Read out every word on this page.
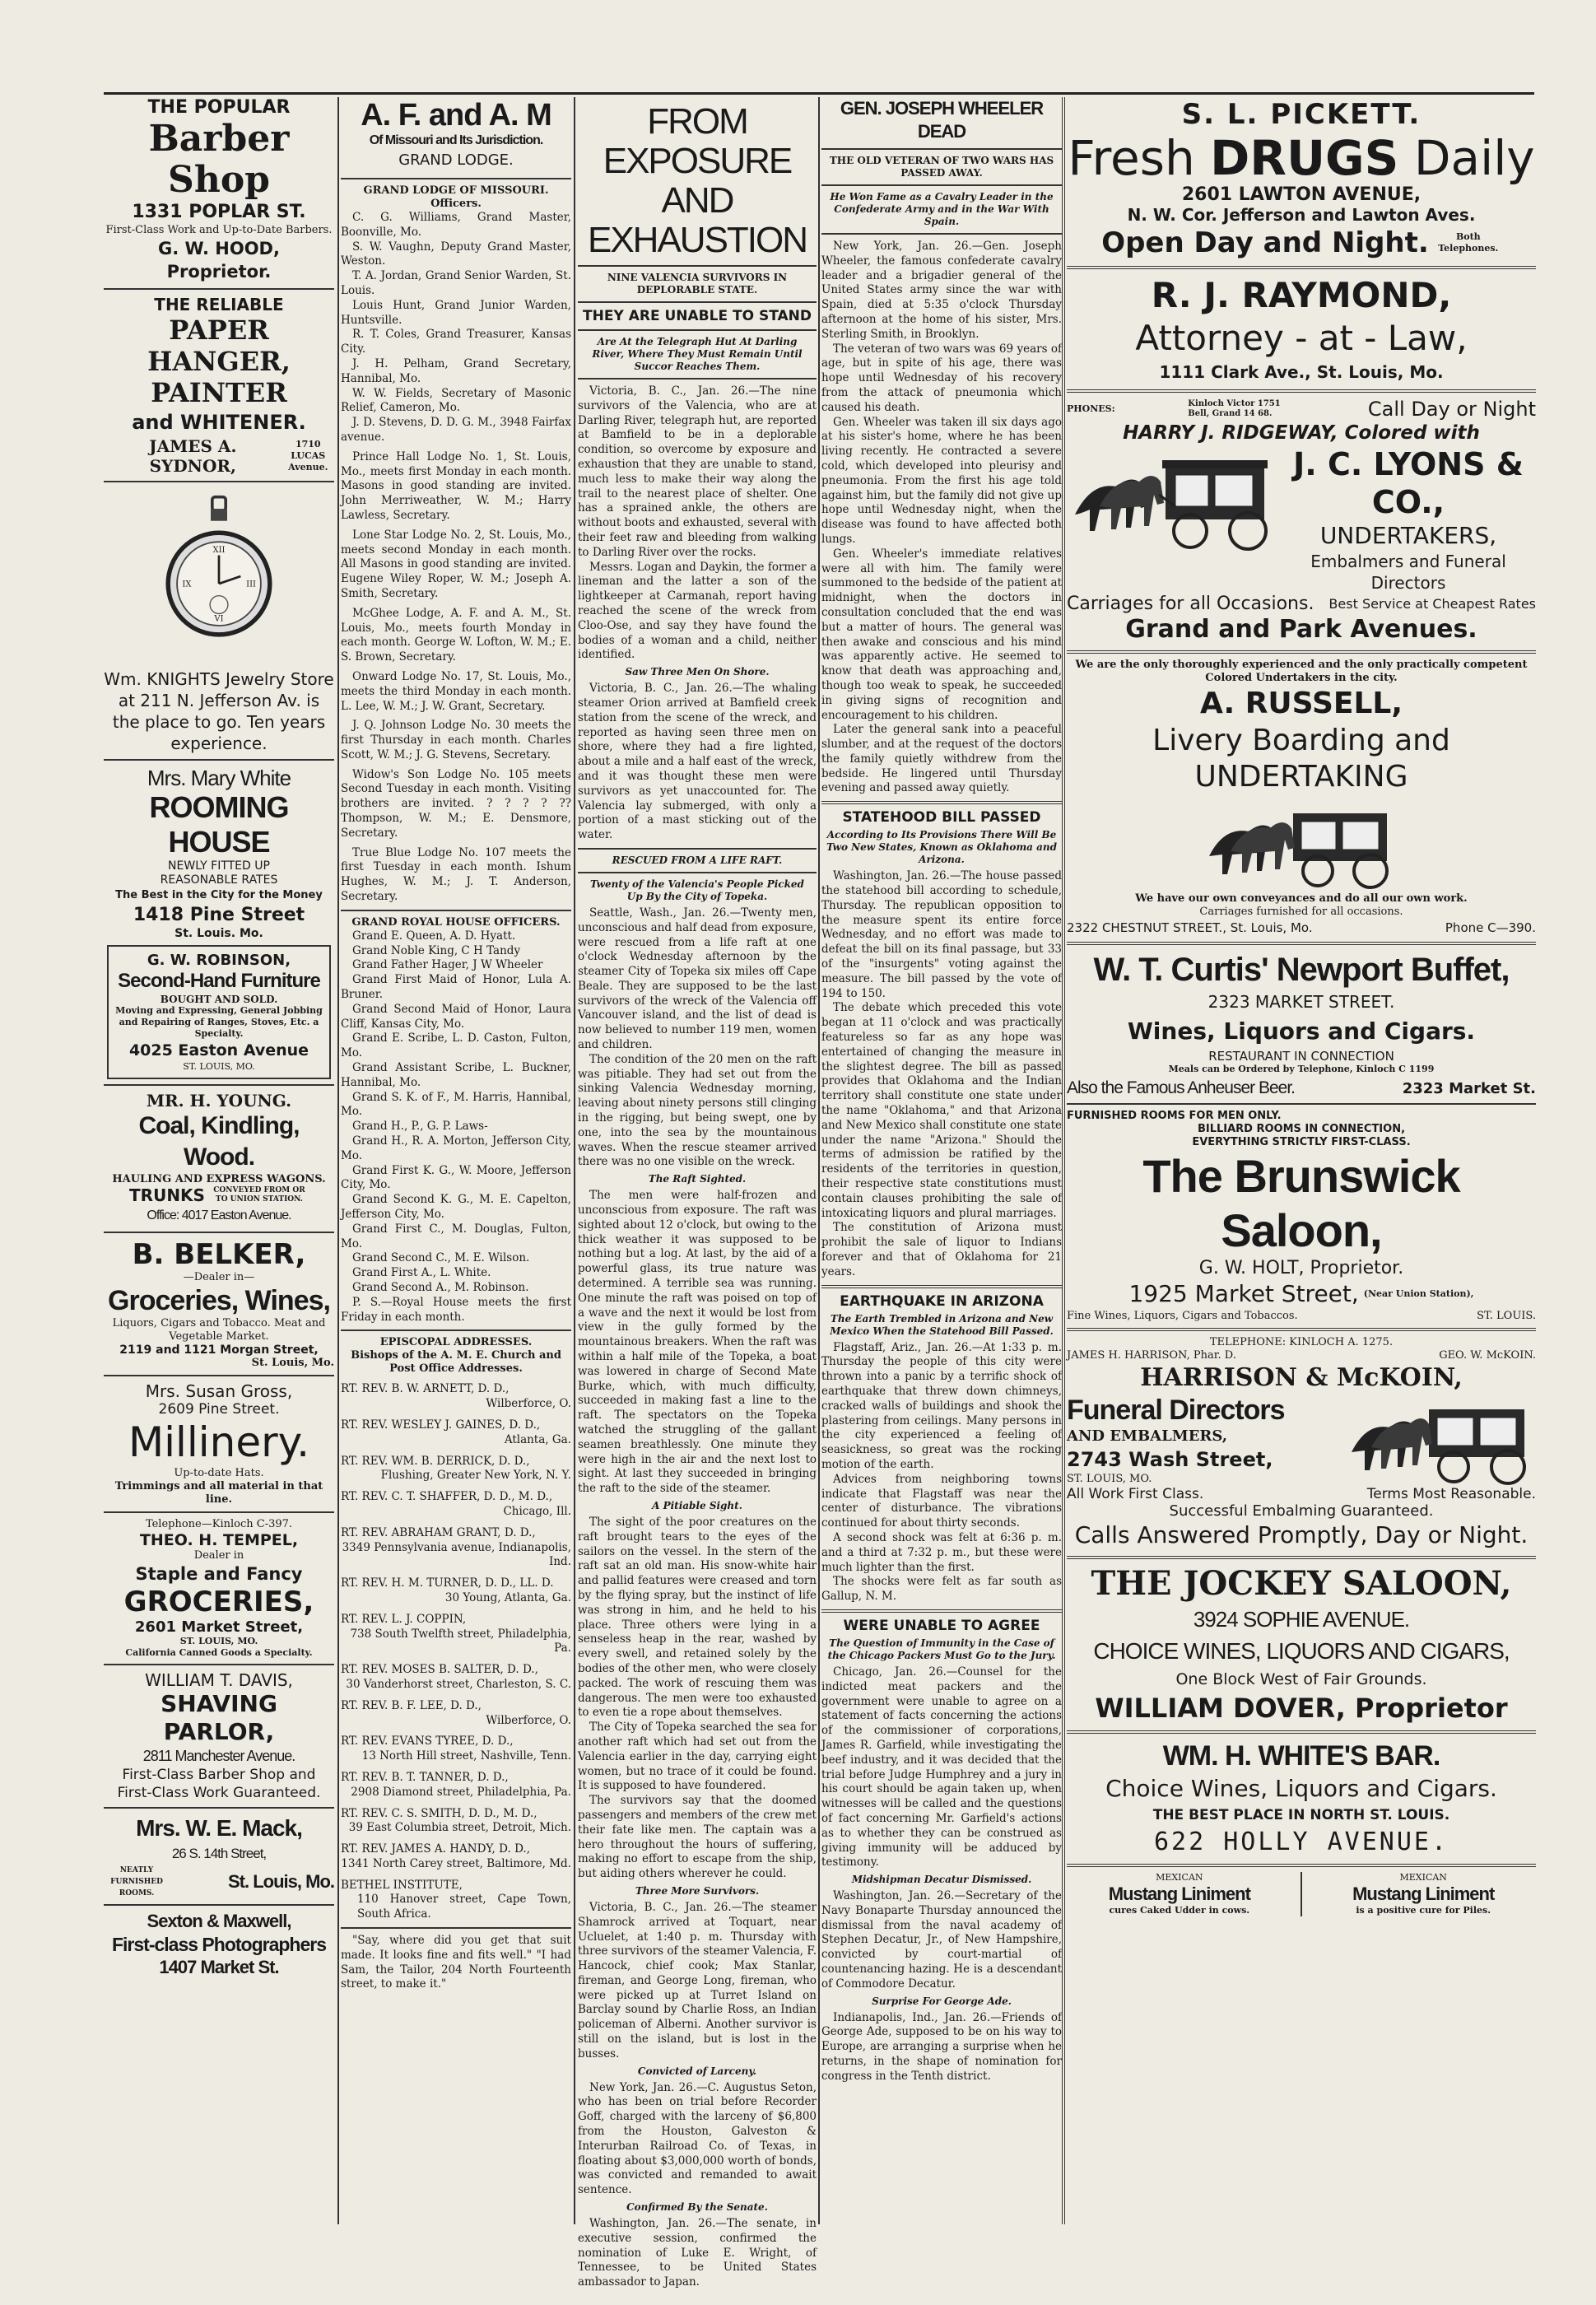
THE POPULAR
Barber Shop
1331 POPLAR ST.
First-Class Work and Up-to-Date Barbers.
G. W. HOOD, Proprietor.
THE RELIABLE
PAPER HANGER,
PAINTER
and WHITENER.
JAMES A. SYDNOR,
1710 LUCAS Avenue.
XII
III
VI
IX
Wm. KNIGHTS Jewelry Store at 211 N. Jefferson Av. is the place to go. Ten years experience.
Mrs. Mary White
ROOMING HOUSE
NEWLY FITTED UP
REASONABLE RATES
The Best in the City for the Money
1418 Pine Street
St. Louis. Mo.
G. W. ROBINSON,
Second-Hand Furniture
BOUGHT AND SOLD.
Moving and Expressing, General Jobbing and Repairing of Ranges, Stoves, Etc. a Specialty.
4025 Easton Avenue
ST. LOUIS, MO.
MR. H. YOUNG.
Coal, Kindling, Wood.
HAULING AND EXPRESS WAGONS.
TRUNKS	CONVEYED FROM OR TO UNION STATION.
Office: 4017 Easton Avenue.
B. BELKER,
—Dealer in—
Groceries, Wines,
Liquors, Cigars and Tobacco. Meat and Vegetable Market.
2119 and 1121 Morgan Street,
St. Louis, Mo.
Mrs. Susan Gross,
2609 Pine Street.
Millinery.
Up-to-date Hats.
Trimmings and all material in that line.
Telephone—Kinloch C-397.
THEO. H. TEMPEL,
Dealer in
Staple and Fancy
GROCERIES,
2601 Market Street,
ST. LOUIS, MO.
California Canned Goods a Specialty.
WILLIAM T. DAVIS,
SHAVING PARLOR,
2811 Manchester Avenue.
First-Class Barber Shop and
First-Class Work Guaranteed.
Mrs. W. E. Mack,
26 S. 14th Street,
NEATLY FURNISHED ROOMS.
St. Louis, Mo.
Sexton & Maxwell,
First-class Photographers
1407 Market St.
A. F. and A. M
Of Missouri and Its Jurisdiction.
GRAND LODGE.
GRAND LODGE OF MISSOURI.
Officers.
C. G. Williams, Grand Master, Boonville, Mo.
S. W. Vaughn, Deputy Grand Master, Weston.
T. A. Jordan, Grand Senior Warden, St. Louis.
Louis Hunt, Grand Junior Warden, Huntsville.
R. T. Coles, Grand Treasurer, Kansas City.
J. H. Pelham, Grand Secretary, Hannibal, Mo.
W. W. Fields, Secretary of Masonic Relief, Cameron, Mo.
J. D. Stevens, D. D. G. M., 3948 Fairfax avenue.
Prince Hall Lodge No. 1, St. Louis, Mo., meets first Monday in each month. Masons in good standing are invited. John Merriweather, W. M.; Harry Lawless, Secretary.
Lone Star Lodge No. 2, St. Louis, Mo., meets second Monday in each month. All Masons in good standing are invited. Eugene Wiley Roper, W. M.; Joseph A. Smith, Secretary.
McGhee Lodge, A. F. and A. M., St. Louis, Mo., meets fourth Monday in each month. George W. Lofton, W. M.; E. S. Brown, Secretary.
Onward Lodge No. 17, St. Louis, Mo., meets the third Monday in each month. L. Lee, W. M.; J. W. Grant, Secretary.
J. Q. Johnson Lodge No. 30 meets the first Thursday in each month. Charles Scott, W. M.; J. G. Stevens, Secretary.
Widow's Son Lodge No. 105 meets Second Tuesday in each month. Visiting brothers are invited. ? ? ? ? ?? Thompson, W. M.; E. Densmore, Secretary.
True Blue Lodge No. 107 meets the first Tuesday in each month. Ishum Hughes, W. M.; J. T. Anderson, Secretary.
GRAND ROYAL HOUSE OFFICERS.
Grand E. Queen, A. D. Hyatt.
Grand Noble King, C H Tandy
Grand Father Hager, J W Wheeler
Grand First Maid of Honor, Lula A. Bruner.
Grand Second Maid of Honor, Laura Cliff, Kansas City, Mo.
Grand E. Scribe, L. D. Caston, Fulton, Mo.
Grand Assistant Scribe, L. Buckner, Hannibal, Mo.
Grand S. K. of F., M. Harris, Hannibal, Mo.
Grand H., P., G. P. Laws-
Grand H., R. A. Morton, Jefferson City, Mo.
Grand First K. G., W. Moore, Jefferson City, Mo.
Grand Second K. G., M. E. Capelton, Jefferson City, Mo.
Grand First C., M. Douglas, Fulton, Mo.
Grand Second C., M. E. Wilson.
Grand First A., L. White.
Grand Second A., M. Robinson.
P. S.—Royal House meets the first Friday in each month.
EPISCOPAL ADDRESSES.
Bishops of the A. M. E. Church and Post Office Addresses.
RT. REV. B. W. ARNETT, D. D.,
Wilberforce, O.
RT. REV. WESLEY J. GAINES, D. D.,
Atlanta, Ga.
RT. REV. WM. B. DERRICK, D. D.,
Flushing, Greater New York, N. Y.
RT. REV. C. T. SHAFFER, D. D., M. D.,
Chicago, Ill.
RT. REV. ABRAHAM GRANT, D. D.,
3349 Pennsylvania avenue, Indianapolis, Ind.
RT. REV. H. M. TURNER, D. D., LL. D.
30 Young, Atlanta, Ga.
RT. REV. L. J. COPPIN,
738 South Twelfth street, Philadelphia, Pa.
RT. REV. MOSES B. SALTER, D. D.,
30 Vanderhorst street, Charleston, S. C.
RT. REV. B. F. LEE, D. D.,
Wilberforce, O.
RT. REV. EVANS TYREE, D. D.,
13 North Hill street, Nashville, Tenn.
RT. REV. B. T. TANNER, D. D.,
2908 Diamond street, Philadelphia, Pa.
RT. REV. C. S. SMITH, D. D., M. D.,
39 East Columbia street, Detroit, Mich.
RT. REV. JAMES A. HANDY, D. D.,
1341 North Carey street, Baltimore, Md.
BETHEL INSTITUTE,
110 Hanover street, Cape Town, South Africa.

"Say, where did you get that suit made. It looks fine and fits well." "I had Sam, the Tailor, 204 North Fourteenth street, to make it."

FROM EXPOSURE AND EXHAUSTION
NINE VALENCIA SURVIVORS IN DEPLORABLE STATE.
THEY ARE UNABLE TO STAND
Are At the Telegraph Hut At Darling River, Where They Must Remain Until Succor Reaches Them.

Victoria, B. C., Jan. 26.—The nine survivors of the Valencia, who are at Darling River, telegraph hut, are reported at Bamfield to be in a deplorable condition, so overcome by exposure and exhaustion that they are unable to stand, much less to make their way along the trail to the nearest place of shelter. One has a sprained ankle, the others are without boots and exhausted, several with their feet raw and bleeding from walking to Darling River over the rocks.

Messrs. Logan and Daykin, the former a lineman and the latter a son of the lightkeeper at Carmanah, report having reached the scene of the wreck from Cloo-Ose, and say they have found the bodies of a woman and a child, neither identified.

Saw Three Men On Shore.

Victoria, B. C., Jan. 26.—The whaling steamer Orion arrived at Bamfield creek station from the scene of the wreck, and reported as having seen three men on shore, where they had a fire lighted, about a mile and a half east of the wreck, and it was thought these men were survivors as yet unaccounted for. The Valencia lay submerged, with only a portion of a mast sticking out of the water.

RESCUED FROM A LIFE RAFT.
Twenty of the Valencia's People Picked Up By the City of Topeka.

Seattle, Wash., Jan. 26.—Twenty men, unconscious and half dead from exposure, were rescued from a life raft at one o'clock Wednesday afternoon by the steamer City of Topeka six miles off Cape Beale. They are supposed to be the last survivors of the wreck of the Valencia off Vancouver island, and the list of dead is now believed to number 119 men, women and children.

The condition of the 20 men on the raft was pitiable. They had set out from the sinking Valencia Wednesday morning, leaving about ninety persons still clinging in the rigging, but being swept, one by one, into the sea by the mountainous waves. When the rescue steamer arrived there was no one visible on the wreck.

The Raft Sighted.

The men were half-frozen and unconscious from exposure. The raft was sighted about 12 o'clock, but owing to the thick weather it was supposed to be nothing but a log. At last, by the aid of a powerful glass, its true nature was determined. A terrible sea was running. One minute the raft was poised on top of a wave and the next it would be lost from view in the gully formed by the mountainous breakers. When the raft was within a half mile of the Topeka, a boat was lowered in charge of Second Mate Burke, which, with much difficulty, succeeded in making fast a line to the raft. The spectators on the Topeka watched the struggling of the gallant seamen breathlessly. One minute they were high in the air and the next lost to sight. At last they succeeded in bringing the raft to the side of the steamer.

A Pitiable Sight.

The sight of the poor creatures on the raft brought tears to the eyes of the sailors on the vessel. In the stern of the raft sat an old man. His snow-white hair and pallid features were creased and torn by the flying spray, but the instinct of life was strong in him, and he held to his place. Three others were lying in a senseless heap in the rear, washed by every swell, and retained solely by the bodies of the other men, who were closely packed. The work of rescuing them was dangerous. The men were too exhausted to even tie a rope about themselves.

The City of Topeka searched the sea for another raft which had set out from the Valencia earlier in the day, carrying eight women, but no trace of it could be found. It is supposed to have foundered.

The survivors say that the doomed passengers and members of the crew met their fate like men. The captain was a hero throughout the hours of suffering, making no effort to escape from the ship, but aiding others wherever he could.

Three More Survivors.

Victoria, B. C., Jan. 26.—The steamer Shamrock arrived at Toquart, near Ucluelet, at 1:40 p. m. Thursday with three survivors of the steamer Valencia, F. Hancock, chief cook; Max Stanlar, fireman, and George Long, fireman, who were picked up at Turret Island on Barclay sound by Charlie Ross, an Indian policeman of Alberni. Another survivor is still on the island, but is lost in the busses.

Convicted of Larceny.

New York, Jan. 26.—C. Augustus Seton, who has been on trial before Recorder Goff, charged with the larceny of $6,800 from the Houston, Galveston & Interurban Railroad Co. of Texas, in floating about $3,000,000 worth of bonds, was convicted and remanded to await sentence.

Confirmed By the Senate.

Washington, Jan. 26.—The senate, in executive session, confirmed the nomination of Luke E. Wright, of Tennessee, to be United States ambassador to Japan.

GEN. JOSEPH WHEELER DEAD
THE OLD VETERAN OF TWO WARS HAS PASSED AWAY.
He Won Fame as a Cavalry Leader in the Confederate Army and in the War With Spain.

New York, Jan. 26.—Gen. Joseph Wheeler, the famous confederate cavalry leader and a brigadier general of the United States army since the war with Spain, died at 5:35 o'clock Thursday afternoon at the home of his sister, Mrs. Sterling Smith, in Brooklyn.

The veteran of two wars was 69 years of age, but in spite of his age, there was hope until Wednesday of his recovery from the attack of pneumonia which caused his death.

Gen. Wheeler was taken ill six days ago at his sister's home, where he has been living recently. He contracted a severe cold, which developed into pleurisy and pneumonia. From the first his age told against him, but the family did not give up hope until Wednesday night, when the disease was found to have affected both lungs.

Gen. Wheeler's immediate relatives were all with him. The family were summoned to the bedside of the patient at midnight, when the doctors in consultation concluded that the end was but a matter of hours. The general was then awake and conscious and his mind was apparently active. He seemed to know that death was approaching and, though too weak to speak, he succeeded in giving signs of recognition and encouragement to his children.

Later the general sank into a peaceful slumber, and at the request of the doctors the family quietly withdrew from the bedside. He lingered until Thursday evening and passed away quietly.

STATEHOOD BILL PASSED
According to Its Provisions There Will Be Two New States, Known as Oklahoma and Arizona.

Washington, Jan. 26.—The house passed the statehood bill according to schedule, Thursday. The republican opposition to the measure spent its entire force Wednesday, and no effort was made to defeat the bill on its final passage, but 33 of the "insurgents" voting against the measure. The bill passed by the vote of 194 to 150.

The debate which preceded this vote began at 11 o'clock and was practically featureless so far as any hope was entertained of changing the measure in the slightest degree. The bill as passed provides that Oklahoma and the Indian territory shall constitute one state under the name "Oklahoma," and that Arizona and New Mexico shall constitute one state under the name "Arizona." Should the terms of admission be ratified by the residents of the territories in question, their respective state constitutions must contain clauses prohibiting the sale of intoxicating liquors and plural marriages.

The constitution of Arizona must prohibit the sale of liquor to Indians forever and that of Oklahoma for 21 years.

EARTHQUAKE IN ARIZONA
The Earth Trembled in Arizona and New Mexico When the Statehood Bill Passed.

Flagstaff, Ariz., Jan. 26.—At 1:33 p. m. Thursday the people of this city were thrown into a panic by a terrific shock of earthquake that threw down chimneys, cracked walls of buildings and shook the plastering from ceilings. Many persons in the city experienced a feeling of seasickness, so great was the rocking motion of the earth.

Advices from neighboring towns indicate that Flagstaff was near the center of disturbance. The vibrations continued for about thirty seconds.

A second shock was felt at 6:36 p. m. and a third at 7:32 p. m., but these were much lighter than the first.

The shocks were felt as far south as Gallup, N. M.

WERE UNABLE TO AGREE
The Question of Immunity in the Case of the Chicago Packers Must Go to the Jury.

Chicago, Jan. 26.—Counsel for the indicted meat packers and the government were unable to agree on a statement of facts concerning the actions of the commissioner of corporations, James R. Garfield, while investigating the beef industry, and it was decided that the trial before Judge Humphrey and a jury in his court should be again taken up, when witnesses will be called and the questions of fact concerning Mr. Garfield's actions as to whether they can be construed as giving immunity will be adduced by testimony.

Midshipman Decatur Dismissed.

Washington, Jan. 26.—Secretary of the Navy Bonaparte Thursday announced the dismissal from the naval academy of Stephen Decatur, Jr., of New Hampshire, convicted by court-martial of countenancing hazing. He is a descendant of Commodore Decatur.

Surprise For George Ade.

Indianapolis, Ind., Jan. 26.—Friends of George Ade, supposed to be on his way to Europe, are arranging a surprise when he returns, in the shape of nomination for congress in the Tenth district.

S. L. PICKETT.
Fresh DRUGS Daily
2601 LAWTON AVENUE,
N. W. Cor. Jefferson and Lawton Aves.
Open Day and Night.	Both Telephones.
R. J. RAYMOND,
Attorney - at - Law,
1111 Clark Ave., St. Louis, Mo.
PHONES:	Kinloch Victor 1751 Bell, Grand 14 68.	Call Day or Night
HARRY J. RIDGEWAY, Colored with
J. C. LYONS & CO.,
UNDERTAKERS,
Embalmers and Funeral Directors
Carriages for all Occasions. Best Service at Cheapest Rates
Grand and Park Avenues.
We are the only thoroughly experienced and the only practically competent Colored Undertakers in the city.
A. RUSSELL,
Livery Boarding and UNDERTAKING
We have our own conveyances and do all our own work.
Carriages furnished for all occasions.
2322 CHESTNUT STREET., St. Louis, Mo.	Phone C—390.
W. T. Curtis' Newport Buffet,
2323 MARKET STREET.
Wines, Liquors and Cigars.
RESTAURANT IN CONNECTION
Meals can be Ordered by Telephone, Kinloch C 1199
Also the Famous Anheuser Beer.	2323 Market St.
FURNISHED ROOMS FOR MEN ONLY.
BILLIARD ROOMS IN CONNECTION,
EVERYTHING STRICTLY FIRST-CLASS.
The Brunswick Saloon,
G. W. HOLT, Proprietor.
1925 Market Street, (Near Union Station),
Fine Wines, Liquors, Cigars and Tobaccos.	ST. LOUIS.
TELEPHONE: KINLOCH A. 1275.
JAMES H. HARRISON, Phar. D.	GEO. W. McKOIN.
HARRISON & McKOIN,
Funeral Directors
AND EMBALMERS,
2743 Wash Street,
ST. LOUIS, MO.
All Work First Class.	Terms Most Reasonable.
Successful Embalming Guaranteed.
Calls Answered Promptly, Day or Night.
THE JOCKEY SALOON,
3924 SOPHIE AVENUE.
CHOICE WINES, LIQUORS AND CIGARS,
One Block West of Fair Grounds.
WILLIAM DOVER, Proprietor
WM. H. WHITE'S BAR.
Choice Wines, Liquors and Cigars.
THE BEST PLACE IN NORTH ST. LOUIS.
622 HOLLY AVENUE.
MEXICAN
Mustang Liniment
cures Caked Udder in cows.
MEXICAN
Mustang Liniment
is a positive cure for Piles.
